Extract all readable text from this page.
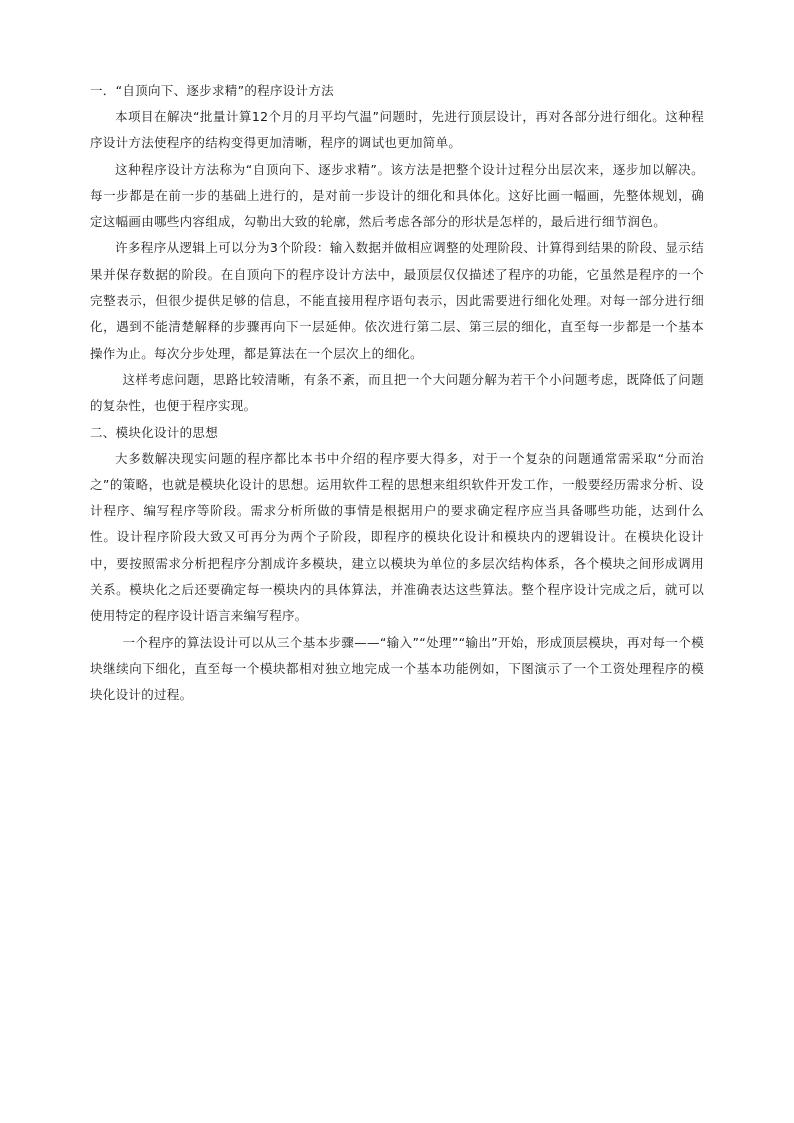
一．“自顶向下、逐步求精”的程序设计方法

本项目在解决“批量计算12个月的月平均气温”问题时，先进行顶层设计，再对各部分进行细化。这种程序设计方法使程序的结构变得更加清晰，程序的调试也更加简单。

这种程序设计方法称为“自顶向下、逐步求精”。该方法是把整个设计过程分出层次来，逐步加以解决。每一步都是在前一步的基础上进行的，是对前一步设计的细化和具体化。这好比画一幅画，先整体规划，确定这幅画由哪些内容组成，勾勒出大致的轮廓，然后考虑各部分的形状是怎样的，最后进行细节润色。

许多程序从逻辑上可以分为3个阶段：输入数据并做相应调整的处理阶段、计算得到结果的阶段、显示结果并保存数据的阶段。在自顶向下的程序设计方法中，最顶层仅仅描述了程序的功能，它虽然是程序的一个完整表示，但很少提供足够的信息，不能直接用程序语句表示，因此需要进行细化处理。对每一部分进行细化，遇到不能清楚解释的步骤再向下一层延伸。依次进行第二层、第三层的细化，直至每一步都是一个基本操作为止。每次分步处理，都是算法在一个层次上的细化。

这样考虑问题，思路比较清晰，有条不紊，而且把一个大问题分解为若干个小问题考虑，既降低了问题的复杂性，也便于程序实现。

二、模块化设计的思想

大多数解决现实问题的程序都比本书中介绍的程序要大得多，对于一个复杂的问题通常需采取“分而治之”的策略，也就是模块化设计的思想。运用软件工程的思想来组织软件开发工作，一般要经历需求分析、设计程序、编写程序等阶段。需求分析所做的事情是根据用户的要求确定程序应当具备哪些功能，达到什么性。设计程序阶段大致又可再分为两个子阶段，即程序的模块化设计和模块内的逻辑设计。在模块化设计中，要按照需求分析把程序分割成许多模块，建立以模块为单位的多层次结构体系，各个模块之间形成调用关系。模块化之后还要确定每一模块内的具体算法，并准确表达这些算法。整个程序设计完成之后，就可以使用特定的程序设计语言来编写程序。

一个程序的算法设计可以从三个基本步骤——“输入”“处理”“输出”开始，形成顶层模块，再对每一个模块继续向下细化，直至每一个模块都相对独立地完成一个基本功能例如，下图演示了一个工资处理程序的模块化设计的过程。
